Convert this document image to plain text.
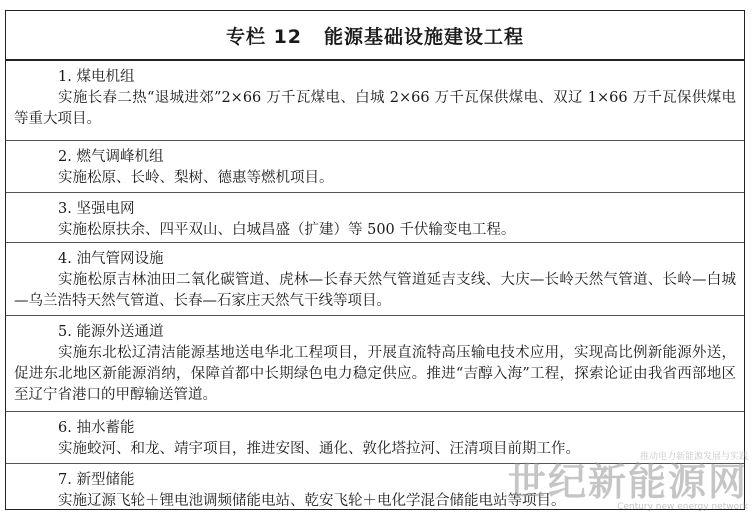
专栏 12 能源基础设施建设工程
1. 煤电机组
实施长春二热“退城进郊”2×66 万千瓦煤电、白城 2×66 万千瓦保供煤电、双辽 1×66 万千瓦保供煤电等重大项目。
2. 燃气调峰机组
实施松原、长岭、梨树、德惠等燃机项目。
3. 坚强电网
实施松原扶余、四平双山、白城昌盛（扩建）等 500 千伏输变电工程。
4. 油气管网设施
实施松原吉林油田二氧化碳管道、虎林—长春天然气管道延吉支线、大庆—长岭天然气管道、长岭—白城—乌兰浩特天然气管道、长春—石家庄天然气干线等项目。
5. 能源外送通道
实施东北松辽清洁能源基地送电华北工程项目，开展直流特高压输电技术应用，实现高比例新能源外送，促进东北地区新能源消纳，保障首都中长期绿色电力稳定供应。推进“吉醇入海”工程，探索论证由我省西部地区至辽宁省港口的甲醇输送管道。
6. 抽水蓄能
实施蛟河、和龙、靖宇项目，推进安图、通化、敦化塔拉河、汪清项目前期工作。
7. 新型储能
实施辽源飞轮＋锂电池调频储能电站、乾安飞轮＋电化学混合储能电站等项目。
推动电力新能源发展与实践
世纪新能源网
Century new energy network
